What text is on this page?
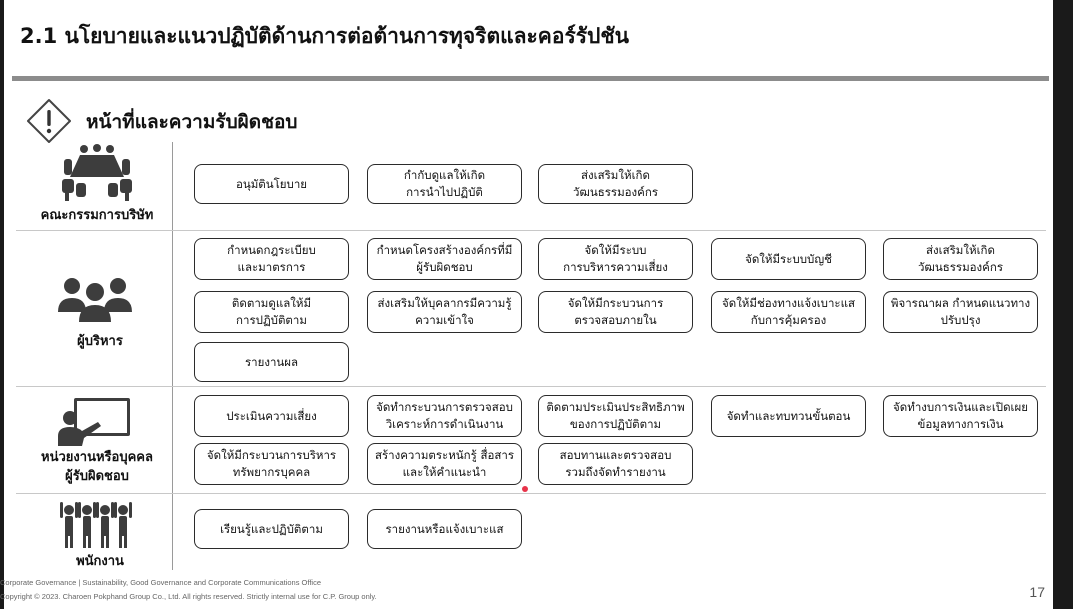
2.1 นโยบายและแนวปฏิบัติด้านการต่อต้านการทุจริตและคอร์รัปชัน
หน้าที่และความรับผิดชอบ
คณะกรรมการบริษัท
อนุมัตินโยบาย
กำกับดูแลให้เกิด
การนำไปปฏิบัติ
ส่งเสริมให้เกิด
วัฒนธรรมองค์กร
ผู้บริหาร
กำหนดกฎระเบียบ
และมาตรการ
กำหนดโครงสร้างองค์กรที่มี
ผู้รับผิดชอบ
จัดให้มีระบบ
การบริหารความเสี่ยง
จัดให้มีระบบบัญชี
ส่งเสริมให้เกิด
วัฒนธรรมองค์กร
ติดตามดูแลให้มี
การปฏิบัติตาม
ส่งเสริมให้บุคลากรมีความรู้
ความเข้าใจ
จัดให้มีกระบวนการ
ตรวจสอบภายใน
จัดให้มีช่องทางแจ้งเบาะแส
กับการคุ้มครอง
พิจารณาผล กำหนดแนวทาง
ปรับปรุง
รายงานผล
หน่วยงานหรือบุคคล
ผู้รับผิดชอบ
ประเมินความเสี่ยง
จัดทำกระบวนการตรวจสอบ
วิเคราะห์การดำเนินงาน
ติดตามประเมินประสิทธิภาพ
ของการปฏิบัติตาม
จัดทำและทบทวนขั้นตอน
จัดทำงบการเงินและเปิดเผย
ข้อมูลทางการเงิน
จัดให้มีกระบวนการบริหาร
ทรัพยากรบุคคล
สร้างความตระหนักรู้ สื่อสาร
และให้คำแนะนำ
สอบทานและตรวจสอบ
รวมถึงจัดทำรายงาน
พนักงาน
เรียนรู้และปฏิบัติตาม	รายงานหรือแจ้งเบาะแส
Corporate Governance | Sustainability, Good Governance and Corporate Communications Office
Copyright © 2023. Charoen Pokphand Group Co., Ltd. All rights reserved. Strictly internal use for C.P. Group only.	17
